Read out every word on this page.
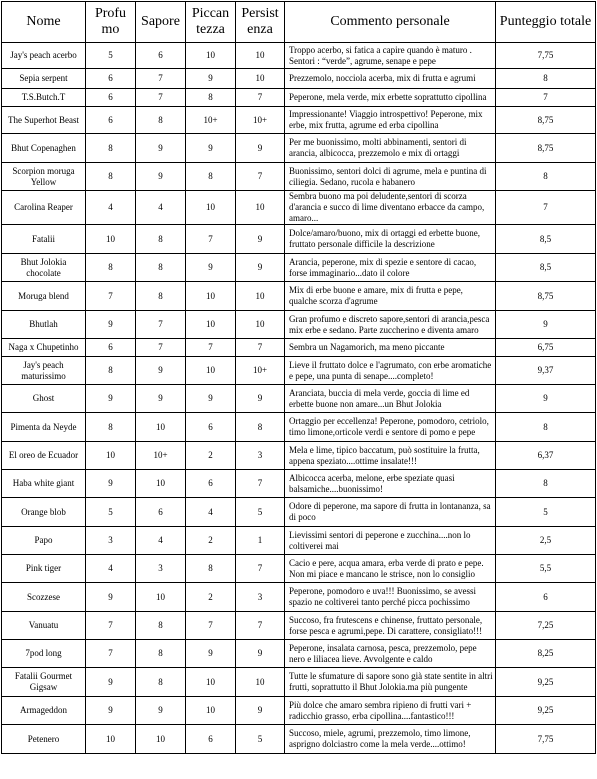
Nome	Profu mo	Sapore	Piccan tezza	Persist enza	Commento personale	Punteggio totale
Jay's peach acerbo	5	6	10	10	Troppo acerbo, si fatica a capire quando è maturo . Sentori : “verde”, agrume, senape e pepe	7,75
Sepia serpent	6	7	9	10	Prezzemolo, nocciola acerba, mix di frutta e agrumi	8
T.S.Butch.T	6	7	8	7	Peperone, mela verde, mix erbette soprattutto cipollina	7
The Superhot Beast	6	8	10+	10+	Impressionante! Viaggio introspettivo! Peperone, mix erbe, mix frutta, agrume ed erba cipollina	8,75
Bhut Copenaghen	8	9	9	9	Per me buonissimo, molti abbinamenti, sentori di arancia, albicocca, prezzemolo e mix di ortaggi	8,75
Scorpion moruga Yellow	8	9	8	7	Buonissimo, sentori dolci di agrume, mela e puntina di ciliegia. Sedano, rucola e habanero	8
Carolina Reaper	4	4	10	10	Sembra buono ma poi deludente,sentori di scorza d'arancia e succo di lime diventano erbacce da campo, amaro...	7
Fatalii	10	8	7	9	Dolce/amaro/buono, mix di ortaggi ed erbette buone, fruttato personale difficile la descrizione	8,5
Bhut Jolokia chocolate	8	8	9	9	Arancia, peperone, mix di spezie e sentore di cacao, forse immaginario...dato il colore	8,5
Moruga blend	7	8	10	10	Mix di erbe buone e amare, mix di frutta e pepe, qualche scorza d'agrume	8,75
Bhutlah	9	7	10	10	Gran profumo e discreto sapore,sentori di arancia,pesca mix erbe e sedano. Parte zuccherino e diventa amaro	9
Naga x Chupetinho	6	7	7	7	Sembra un Nagamorich, ma meno piccante	6,75
Jay's peach maturissimo	8	9	10	10+	Lieve il fruttato dolce e l'agrumato, con erbe aromatiche e pepe, una punta di senape....completo!	9,37
Ghost	9	9	9	9	Aranciata, buccia di mela verde, goccia di lime ed erbette buone non amare...un Bhut Jolokia	9
Pimenta da Neyde	8	10	6	8	Ortaggio per eccellenza! Peperone, pomodoro, cetriolo, timo limone,orticole verdi e sentore di pomo e pepe	8
El oreo de Ecuador	10	10+	2	3	Mela e lime, tipico baccatum, può sostituire la frutta, appena speziato....ottime insalate!!!	6,37
Haba white giant	9	10	6	7	Albicocca acerba, melone, erbe speziate quasi balsamiche....buonissimo!	8
Orange blob	5	6	4	5	Odore di peperone, ma sapore di frutta in lontananza, sa di poco	5
Papo	3	4	2	1	Lievissimi sentori di peperone e zucchina....non lo coltiverei mai	2,5
Pink tiger	4	3	8	7	Cacio e pere, acqua amara, erba verde di prato e pepe. Non mi piace e mancano le strisce, non lo consiglio	5,5
Scozzese	9	10	2	3	Peperone, pomodoro e uva!!! Buonissimo, se avessi spazio ne coltiverei tanto perché picca pochissimo	6
Vanuatu	7	8	7	7	Succoso, fra frutescens e chinense, fruttato personale, forse pesca e agrumi,pepe. Di carattere, consigliato!!!	7,25
7pod long	7	8	9	9	Peperone, insalata carnosa, pesca, prezzemolo, pepe nero e liliacea lieve. Avvolgente e caldo	8,25
Fatalii Gourmet Gigsaw	9	8	10	10	Tutte le sfumature di sapore sono già state sentite in altri frutti, soprattutto il Bhut Jolokia.ma più pungente	9,25
Armageddon	9	9	10	9	Più dolce che amaro sembra ripieno di frutti vari + radicchio grasso, erba cipollina....fantastico!!!	9,25
Petenero	10	10	6	5	Succoso, miele, agrumi, prezzemolo, timo limone, asprigno dolciastro come la mela verde....ottimo!	7,75
